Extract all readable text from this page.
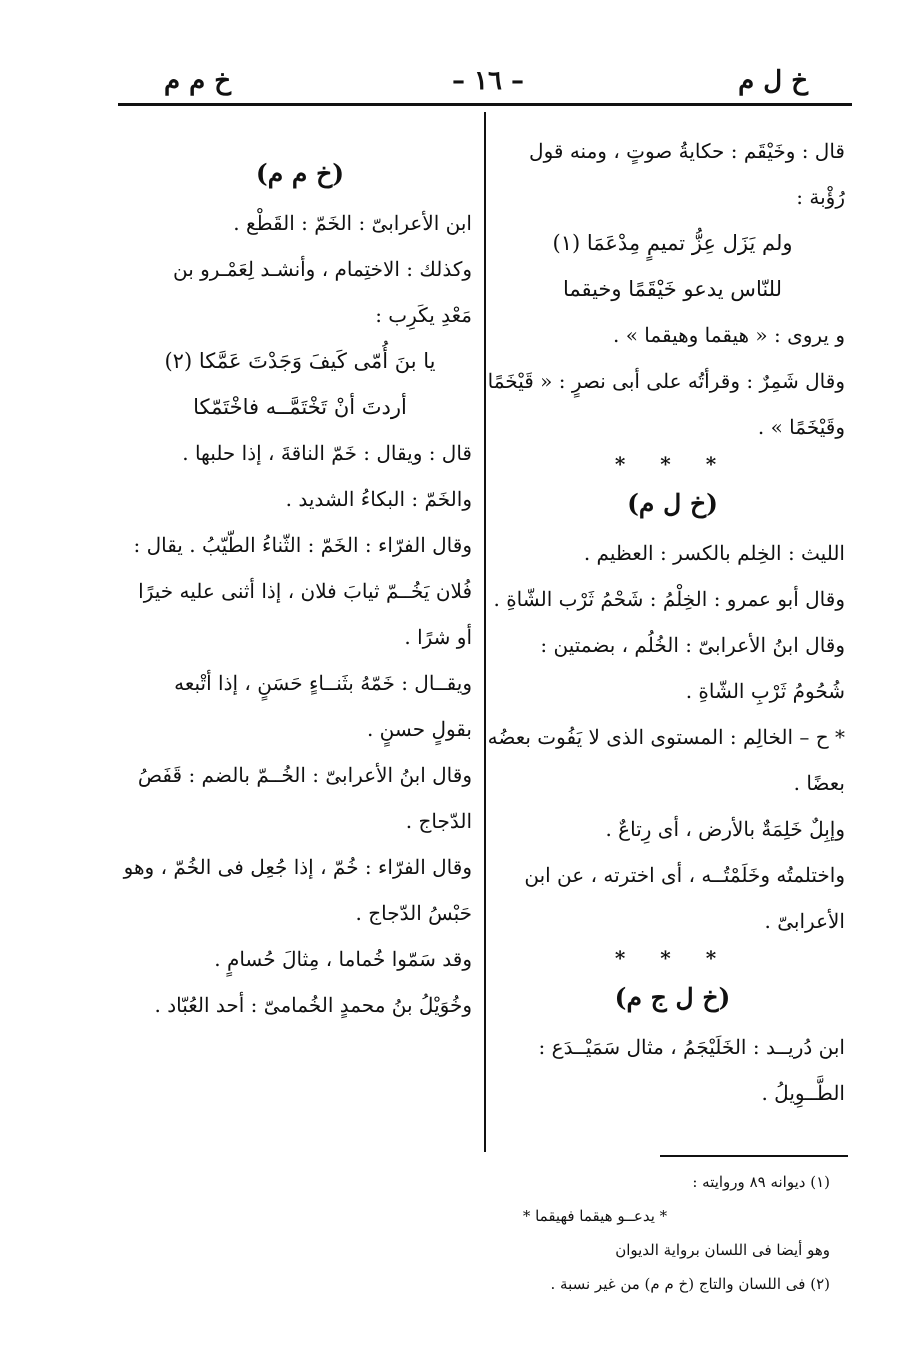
خ ل م
– ١٦ –
خ م م
قال : وخَيْقَم : حكايةُ صوتٍ ، ومنه قول
رُؤْبة :
ولم يَزَل عِزُّ تميمٍ مِدْعَمَا (١)
للنّاس يدعو خَيْقَمًا وخيقما
و يروى : « هيقما وهيقما » .
وقال شَمِرٌ : وقرأتُه على أبى نصرٍ : « قَيْخَمًا
وقَيْخَمًا » .
* * *
(خ ل م)
الليث : الخِلم بالكسر : العظيم .
وقال أبو عمرو : الخِلْمُ : شَحْمُ ثَرْب الشّاةِ .
وقال ابنُ الأعرابىّ : الخُلُم ، بضمتين :
شُحُومُ ثَرْبِ الشّاةِ .
* ح – الخالِم : المستوى الذى لا يَفُوت بعضُه
بعضًا .
وإبِلٌ خَلِمَةٌ بالأرض ، أى رِتاعٌ .
واختلمتُه وخَلَمْتُــه ، أى اخترته ، عن ابن
الأعرابىّ .
* * *
(خ ل ج م)
ابن دُريــد : الخَلَيْجَمُ ، مثال سَمَيْــدَع :
الطَّــوِيلُ .
(خ م م)
ابن الأعرابىّ : الخَمّ : القَطْع .
وكذلك : الاختِمام ، وأنشـد لِعَمْـرو بن
مَعْدِ يكَرِب :
يا بنَ أُمّى كَيفَ وَجَدْتَ عَمَّكا (٢)
أردتَ أنْ تَخْتَمَّــه فاخْتَمّكا
قال : ويقال : خَمّ الناقةَ ، إذا حلبها .
والخَمّ : البكاءُ الشديد .
وقال الفرّاء : الخَمّ : الثّناءُ الطّيّبُ . يقال :
فُلان يَخُــمّ ثيابَ فلان ، إذا أثنى عليه خيرًا
أو شرًا .
ويقــال : خَمّهُ بثَنــاءٍ حَسَنٍ ، إذا أتْبعه
بقولٍ حسنٍ .
وقال ابنُ الأعرابىّ : الخُــمّ بالضم : قَفَصُ
الدّجاج .
وقال الفرّاء : خُمّ ، إذا جُعِل فى الخُمّ ، وهو
حَبْسُ الدّجاج .
وقد سَمّوا خُماما ، مِثالَ حُسامٍ .
وخُوَيْلُ بنُ محمدٍ الخُمامىّ : أحد العُبّاد .
(١) ديوانه ٨٩ وروايته :
* يدعــو هيقما فهيقما *
وهو أيضا فى اللسان برواية الديوان
(٢) فى اللسان والتاج (خ م م) من غير نسبة .
